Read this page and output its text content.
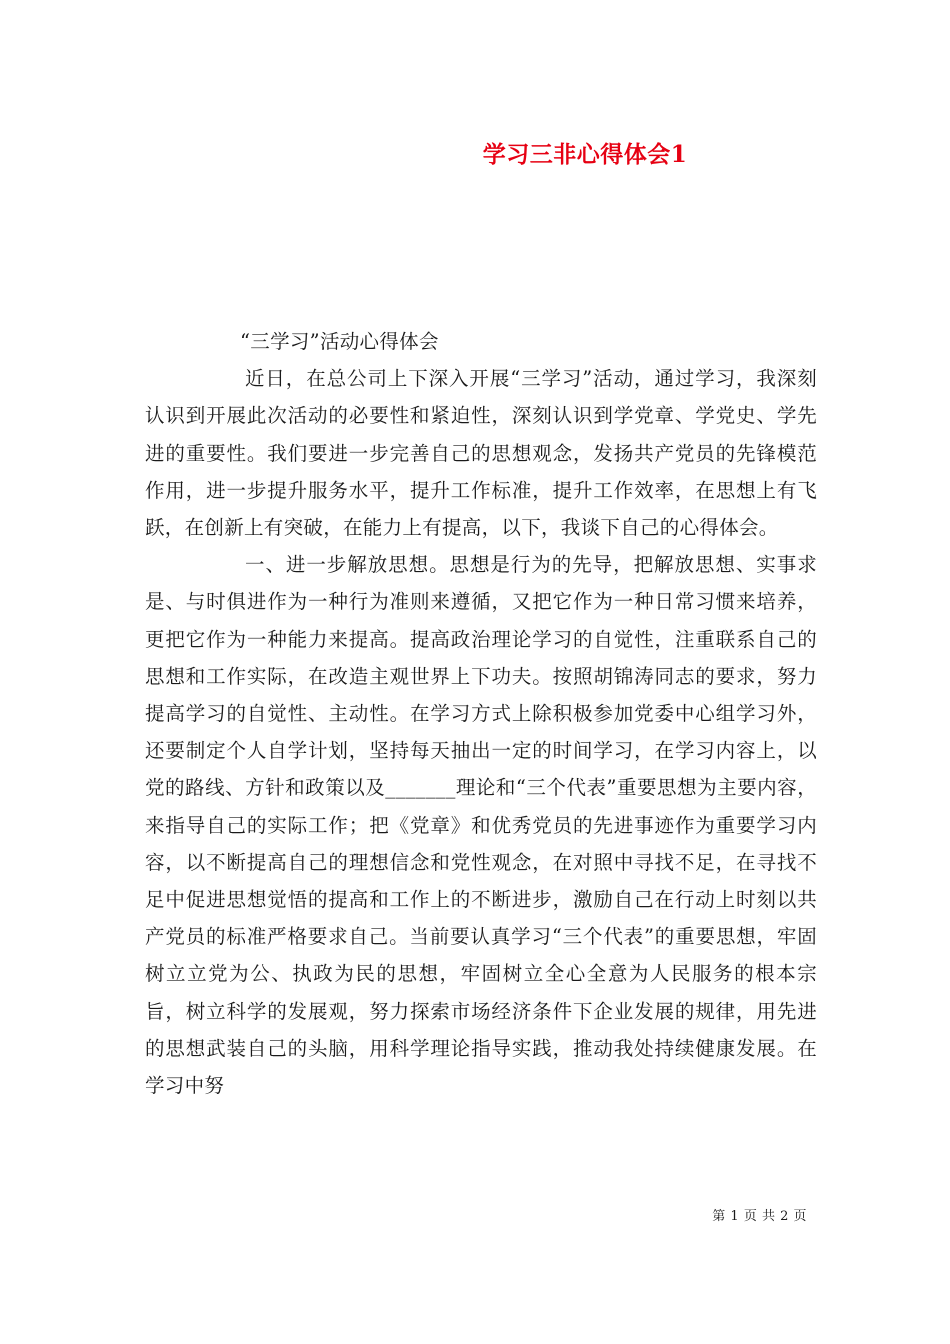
学习三非心得体会1

“三学习”活动心得体会

近日，在总公司上下深入开展“三学习”活动，通过学习，我深刻认识到开展此次活动的必要性和紧迫性，深刻认识到学党章、学党史、学先进的重要性。我们要进一步完善自己的思想观念，发扬共产党员的先锋模范作用，进一步提升服务水平，提升工作标准，提升工作效率，在思想上有飞跃，在创新上有突破，在能力上有提高，以下，我谈下自己的心得体会。

一、进一步解放思想。思想是行为的先导，把解放思想、实事求是、与时俱进作为一种行为准则来遵循，又把它作为一种日常习惯来培养，更把它作为一种能力来提高。提高政治理论学习的自觉性，注重联系自己的思想和工作实际，在改造主观世界上下功夫。按照胡锦涛同志的要求，努力提高学习的自觉性、主动性。在学习方式上除积极参加党委中心组学习外，还要制定个人自学计划，坚持每天抽出一定的时间学习，在学习内容上，以党的路线、方针和政策以及_______理论和“三个代表”重要思想为主要内容，来指导自己的实际工作；把《党章》和优秀党员的先进事迹作为重要学习内容，以不断提高自己的理想信念和党性观念，在对照中寻找不足，在寻找不足中促进思想觉悟的提高和工作上的不断进步，激励自己在行动上时刻以共产党员的标准严格要求自己。当前要认真学习“三个代表”的重要思想，牢固树立立党为公、执政为民的思想，牢固树立全心全意为人民服务的根本宗旨，树立科学的发展观，努力探索市场经济条件下企业发展的规律，用先进的思想武装自己的头脑，用科学理论指导实践，推动我处持续健康发展。在学习中努

第 1 页 共 2 页
